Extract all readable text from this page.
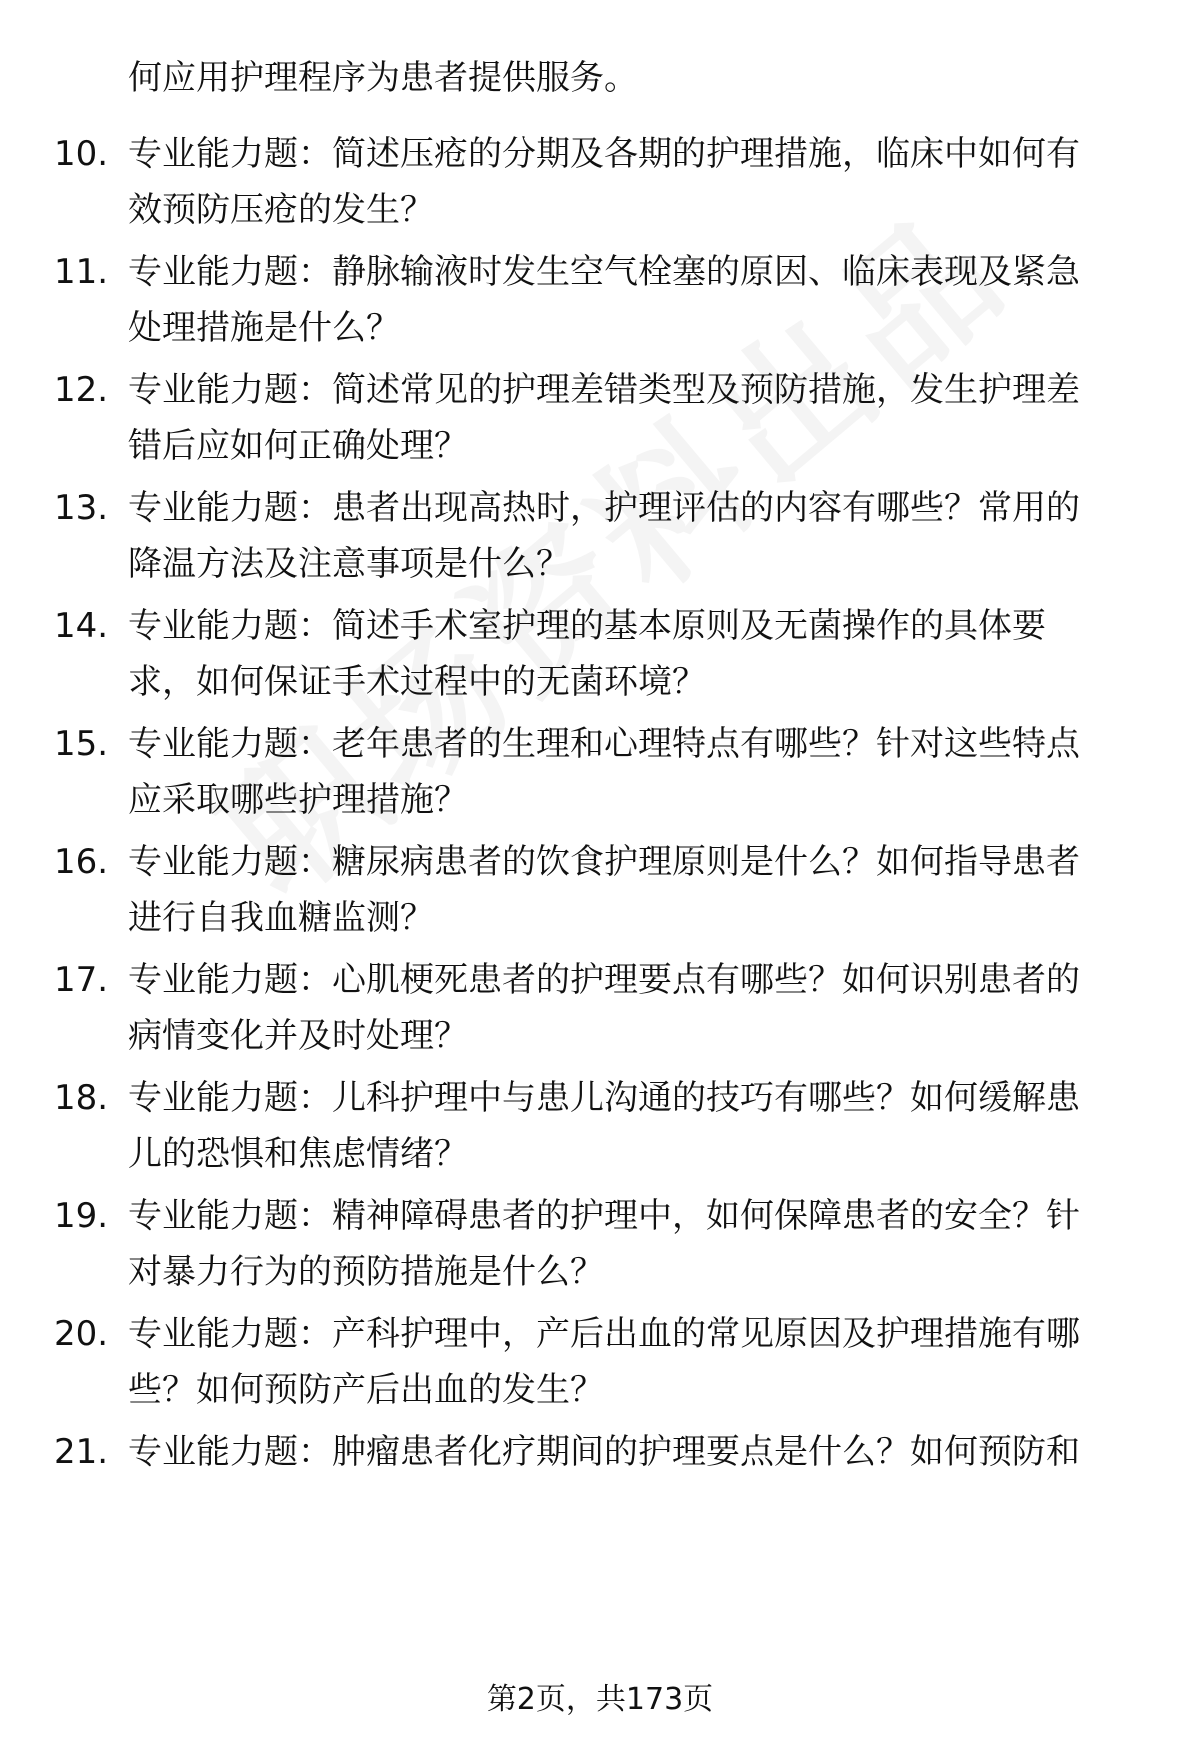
何应用护理程序为患者提供服务。
10. 专业能力题：简述压疮的分期及各期的护理措施，临床中如何有
效预防压疮的发生？
11. 专业能力题：静脉输液时发生空气栓塞的原因、临床表现及紧急
处理措施是什么？
12. 专业能力题：简述常见的护理差错类型及预防措施，发生护理差
错后应如何正确处理？
13. 专业能力题：患者出现高热时，护理评估的内容有哪些？常用的
降温方法及注意事项是什么？
14. 专业能力题：简述手术室护理的基本原则及无菌操作的具体要
求，如何保证手术过程中的无菌环境？
15. 专业能力题：老年患者的生理和心理特点有哪些？针对这些特点
应采取哪些护理措施？
16. 专业能力题：糖尿病患者的饮食护理原则是什么？如何指导患者
进行自我血糖监测？
17. 专业能力题：心肌梗死患者的护理要点有哪些？如何识别患者的
病情变化并及时处理？
18. 专业能力题：儿科护理中与患儿沟通的技巧有哪些？如何缓解患
儿的恐惧和焦虑情绪？
19. 专业能力题：精神障碍患者的护理中，如何保障患者的安全？针
对暴力行为的预防措施是什么？
20. 专业能力题：产科护理中，产后出血的常见原因及护理措施有哪
些？如何预防产后出血的发生？
21. 专业能力题：肿瘤患者化疗期间的护理要点是什么？如何预防和
第2页，共173页
